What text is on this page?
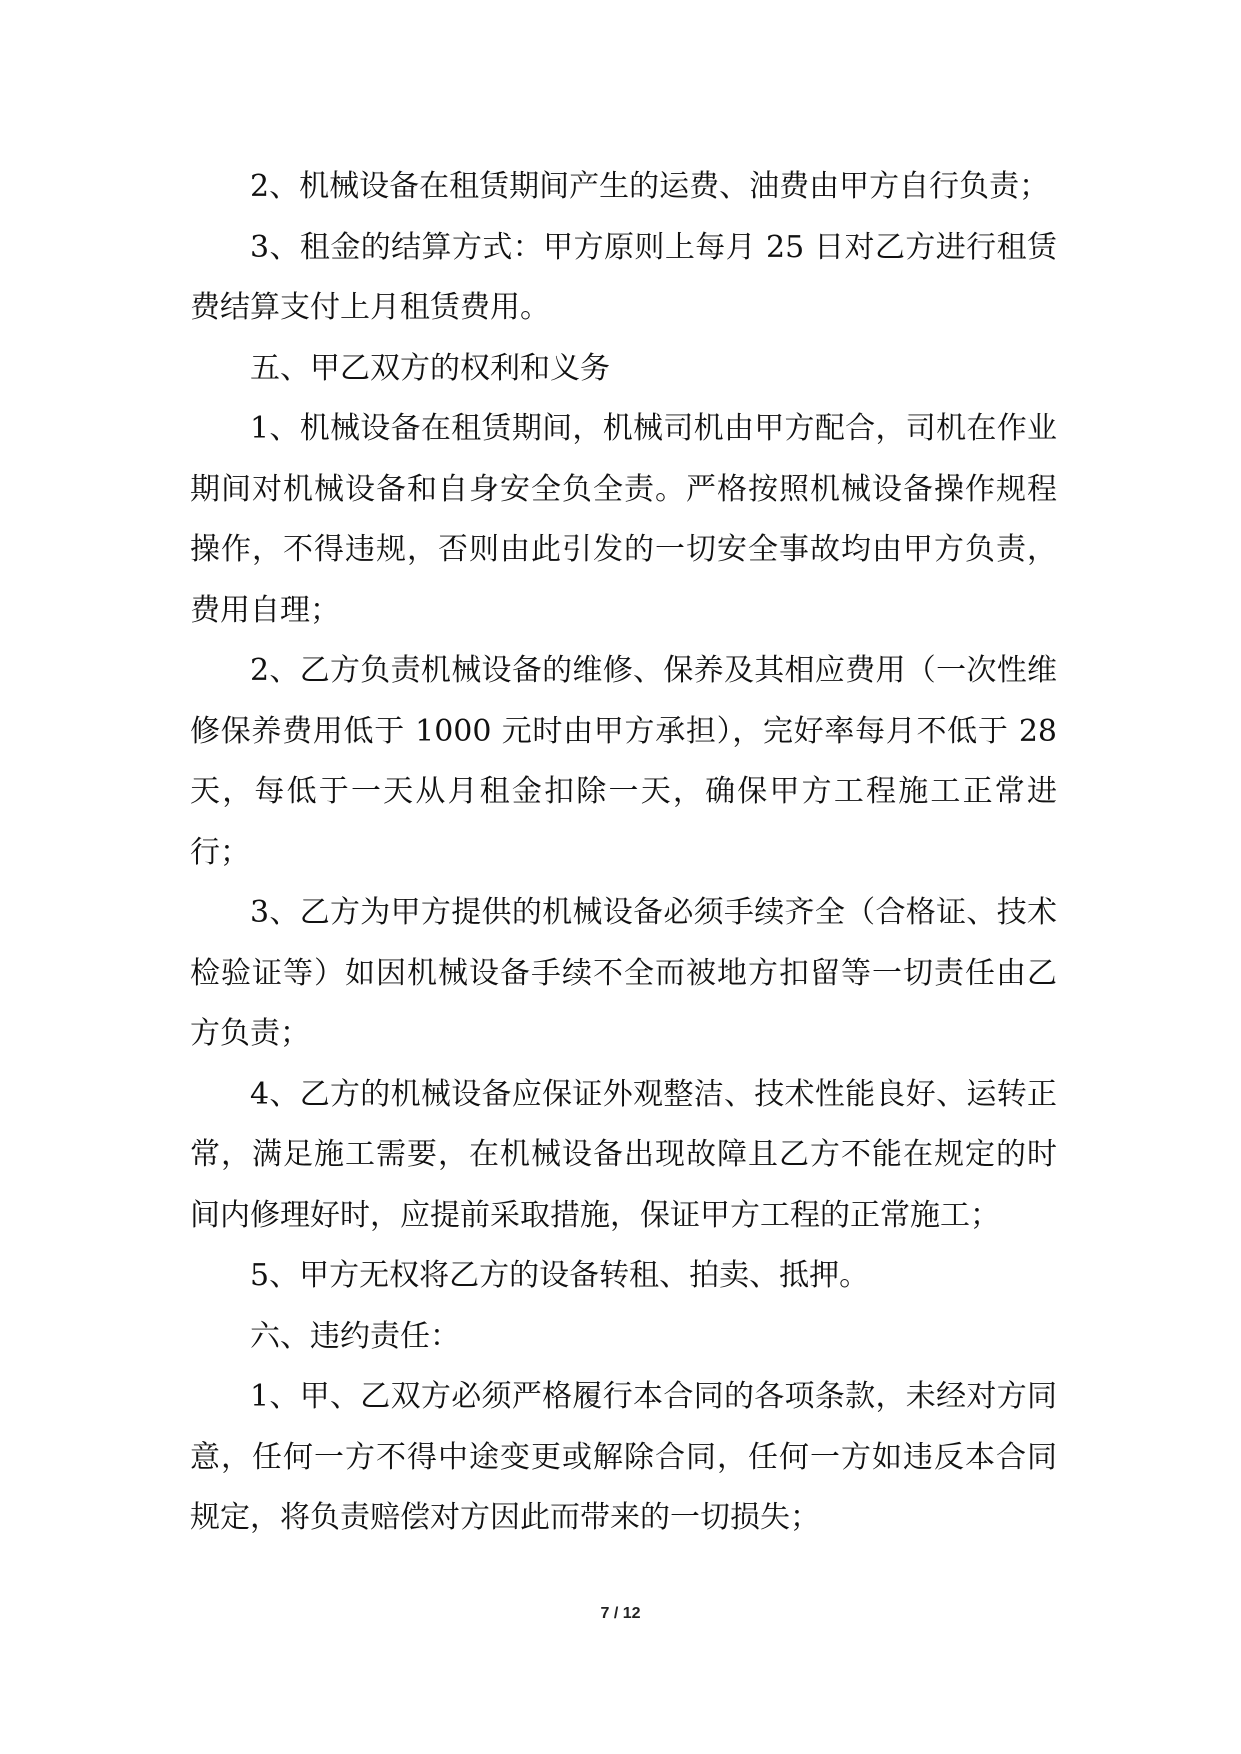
2、机械设备在租赁期间产生的运费、油费由甲方自行负责；

3、租金的结算方式：甲方原则上每月 25 日对乙方进行租赁费结算支付上月租赁费用。

五、甲乙双方的权利和义务

1、机械设备在租赁期间，机械司机由甲方配合，司机在作业期间对机械设备和自身安全负全责。严格按照机械设备操作规程操作，不得违规，否则由此引发的一切安全事故均由甲方负责，费用自理；

2、乙方负责机械设备的维修、保养及其相应费用（一次性维修保养费用低于 1000 元时由甲方承担），完好率每月不低于 28 天，每低于一天从月租金扣除一天，确保甲方工程施工正常进行；

3、乙方为甲方提供的机械设备必须手续齐全（合格证、技术检验证等）如因机械设备手续不全而被地方扣留等一切责任由乙方负责；

4、乙方的机械设备应保证外观整洁、技术性能良好、运转正常，满足施工需要，在机械设备出现故障且乙方不能在规定的时间内修理好时，应提前采取措施，保证甲方工程的正常施工；

5、甲方无权将乙方的设备转租、拍卖、抵押。

六、违约责任：

1、甲、乙双方必须严格履行本合同的各项条款，未经对方同意，任何一方不得中途变更或解除合同，任何一方如违反本合同规定，将负责赔偿对方因此而带来的一切损失；

7 / 12
